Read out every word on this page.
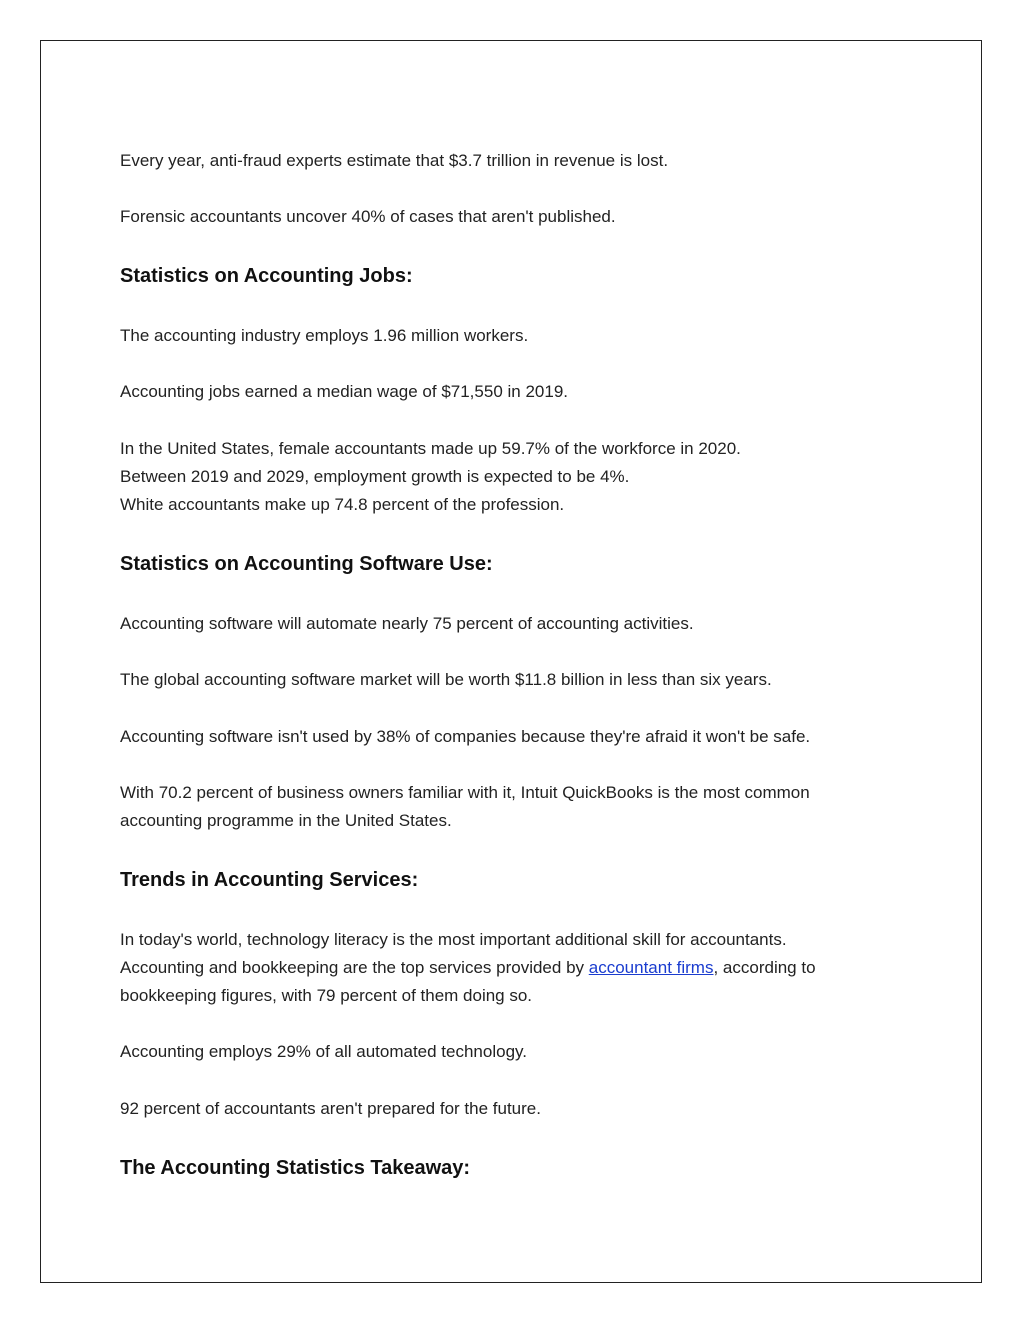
Every year, anti-fraud experts estimate that $3.7 trillion in revenue is lost.

Forensic accountants uncover 40% of cases that aren't published.

Statistics on Accounting Jobs:

The accounting industry employs 1.96 million workers.

Accounting jobs earned a median wage of $71,550 in 2019.

In the United States, female accountants made up 59.7% of the workforce in 2020.

Between 2019 and 2029, employment growth is expected to be 4%.

White accountants make up 74.8 percent of the profession.

Statistics on Accounting Software Use:

Accounting software will automate nearly 75 percent of accounting activities.

The global accounting software market will be worth $11.8 billion in less than six years.

Accounting software isn't used by 38% of companies because they're afraid it won't be safe.

With 70.2 percent of business owners familiar with it, Intuit QuickBooks is the most common

accounting programme in the United States.

Trends in Accounting Services:

In today's world, technology literacy is the most important additional skill for accountants.

Accounting and bookkeeping are the top services provided by accountant firms, according to

bookkeeping figures, with 79 percent of them doing so.

Accounting employs 29% of all automated technology.

92 percent of accountants aren't prepared for the future.

The Accounting Statistics Takeaway:
